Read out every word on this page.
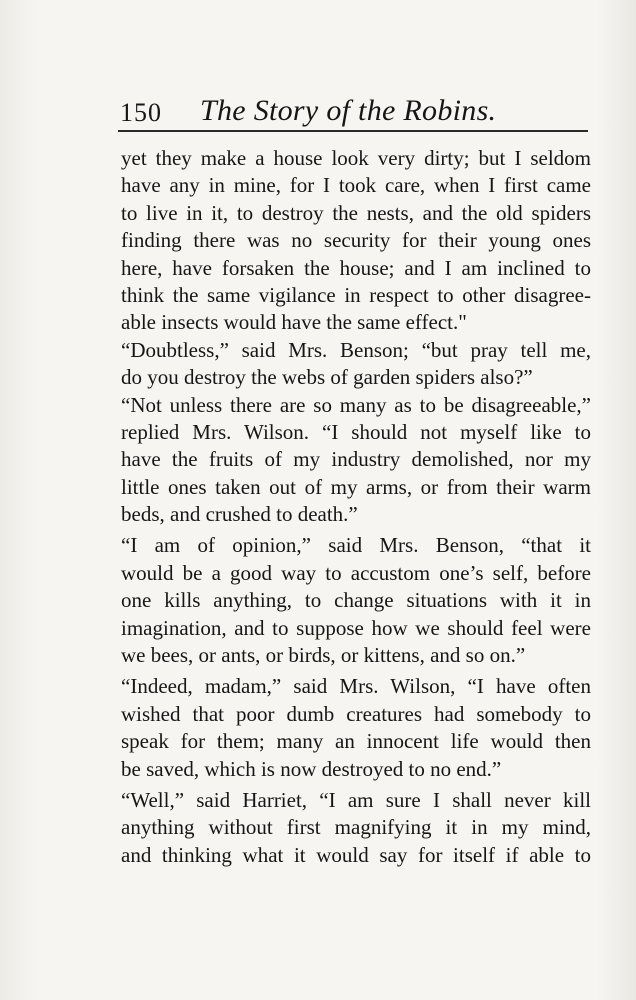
150 The Story of the Robins.
yet they make a house look very dirty; but I seldom
have any in mine, for I took care, when I first came
to live in it, to destroy the nests, and the old spiders
finding there was no security for their young ones
here, have forsaken the house; and I am inclined to
think the same vigilance in respect to other disagree-
able insects would have the same effect."
“Doubtless,” said Mrs. Benson; “but pray tell me,
do you destroy the webs of garden spiders also?”
“Not unless there are so many as to be disagreeable,”
replied Mrs. Wilson. “I should not myself like to
have the fruits of my industry demolished, nor my
little ones taken out of my arms, or from their warm
beds, and crushed to death.”
“I am of opinion,” said Mrs. Benson, “that it
would be a good way to accustom one’s self, before
one kills anything, to change situations with it in
imagination, and to suppose how we should feel were
we bees, or ants, or birds, or kittens, and so on.”
“Indeed, madam,” said Mrs. Wilson, “I have often
wished that poor dumb creatures had somebody to
speak for them; many an innocent life would then
be saved, which is now destroyed to no end.”
“Well,” said Harriet, “I am sure I shall never kill
anything without first magnifying it in my mind,
and thinking what it would say for itself if able to
